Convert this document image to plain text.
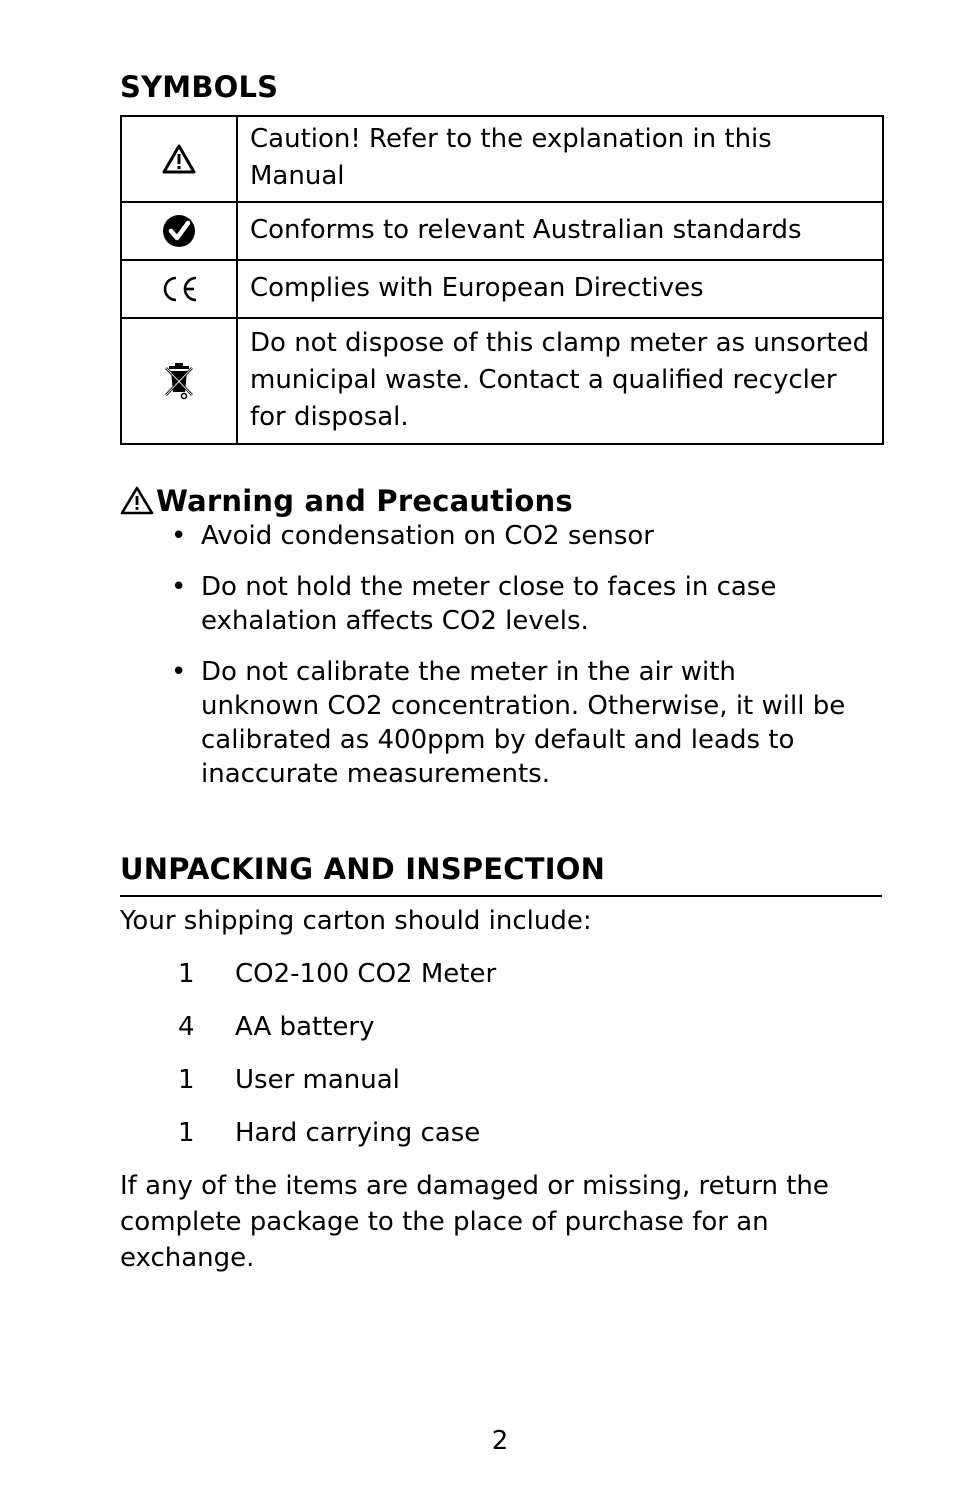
SYMBOLS
	Caution! Refer to the explanation in this Manual

	Conforms to relevant Australian standards

	Complies with European Directives

	Do not dispose of this clamp meter as unsorted municipal waste. Contact a qualified recycler for disposal.
Warning and Precautions
• Avoid condensation on CO2 sensor
• Do not hold the meter close to faces in case exhalation affects CO2 levels.
• Do not calibrate the meter in the air with unknown CO2 concentration. Otherwise, it will be calibrated as 400ppm by default and leads to inaccurate measurements.
UNPACKING AND INSPECTION
Your shipping carton should include:
1 CO2-100 CO2 Meter
4 AA battery
1 User manual
1 Hard carrying case
If any of the items are damaged or missing, return the complete package to the place of purchase for an exchange.
2
